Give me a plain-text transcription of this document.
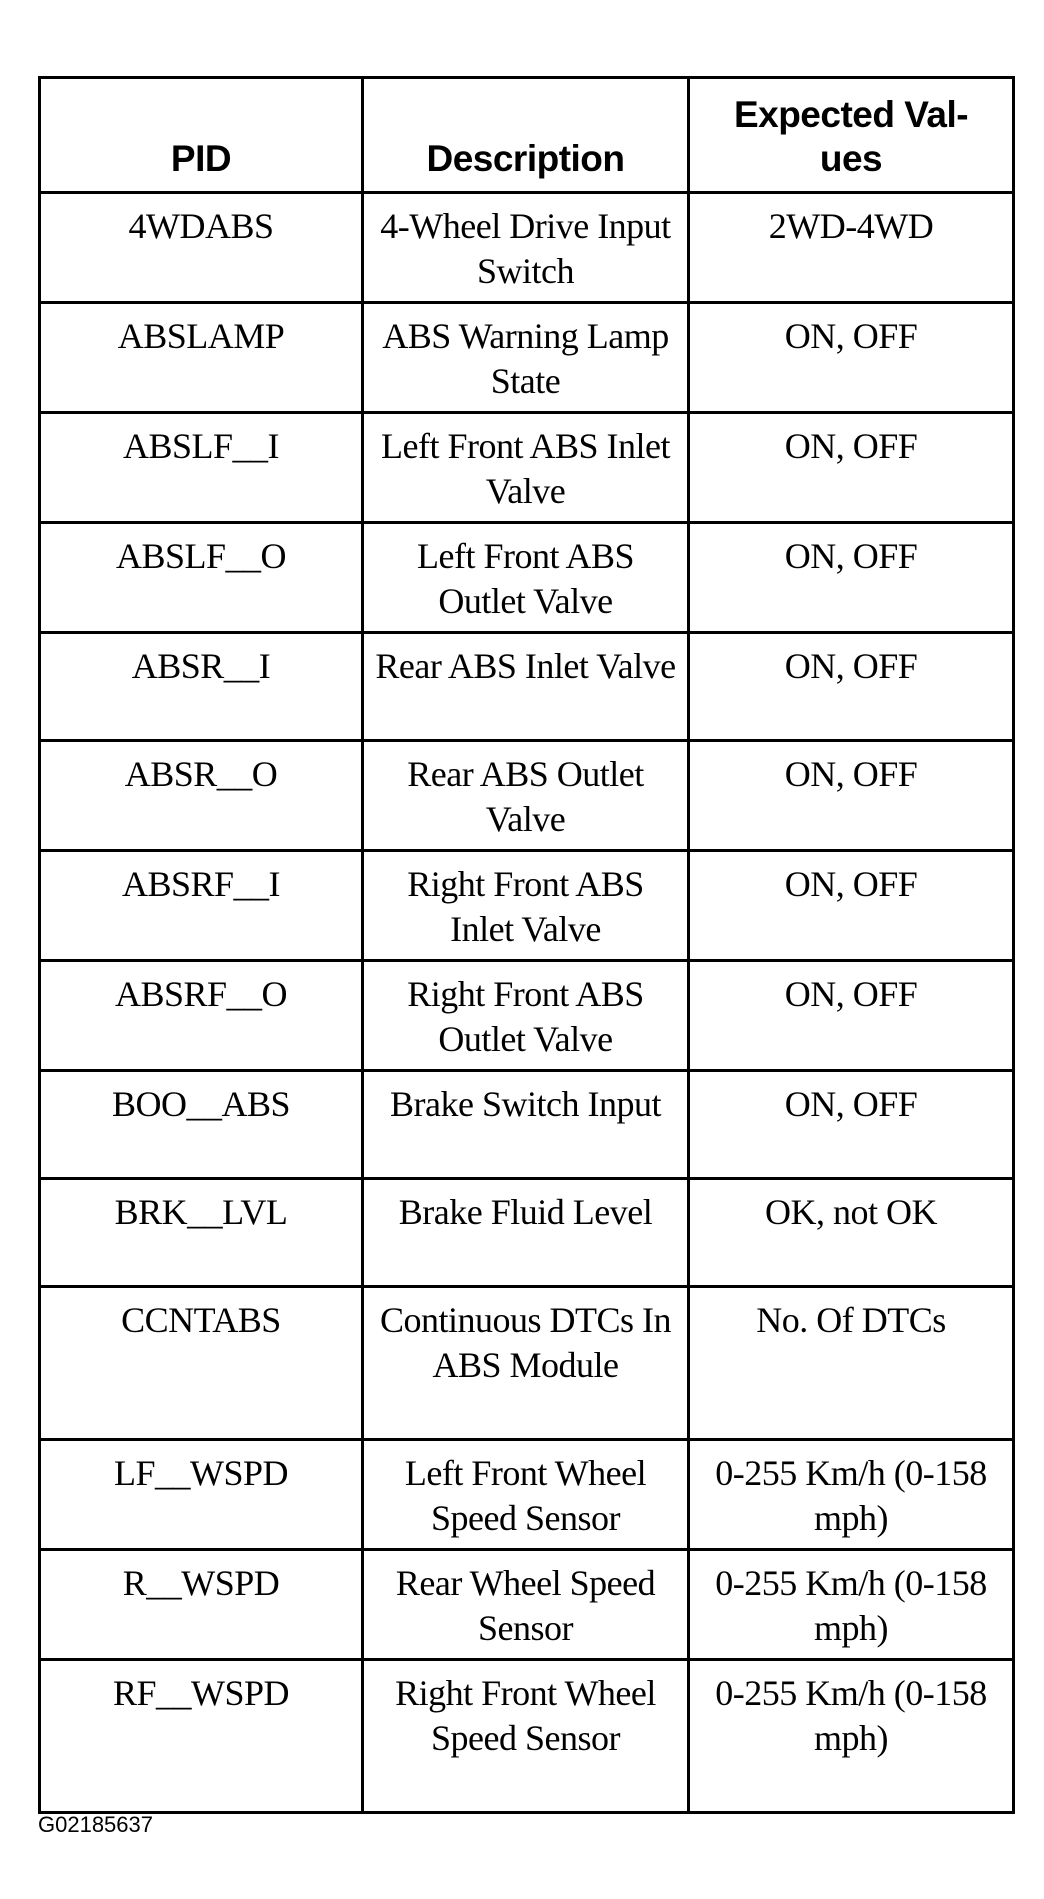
PID	Description	Expected Val-
ues
4WDABS	4-Wheel Drive Input Switch	2WD-4WD
ABSLAMP	ABS Warning Lamp State	ON, OFF
ABSLF__I	Left Front ABS Inlet Valve	ON, OFF
ABSLF__O	Left Front ABS Outlet Valve	ON, OFF
ABSR__I	Rear ABS Inlet Valve	ON, OFF
ABSR__O	Rear ABS Outlet Valve	ON, OFF
ABSRF__I	Right Front ABS Inlet Valve	ON, OFF
ABSRF__O	Right Front ABS Outlet Valve	ON, OFF
BOO__ABS	Brake Switch Input	ON, OFF
BRK__LVL	Brake Fluid Level	OK, not OK
CCNTABS	Continuous DTCs In ABS Module	No. Of DTCs
LF__WSPD	Left Front Wheel Speed Sensor	0-255 Km/h (0-158 mph)
R__WSPD	Rear Wheel Speed Sensor	0-255 Km/h (0-158 mph)
RF__WSPD	Right Front Wheel Speed Sensor	0-255 Km/h (0-158 mph)
G02185637
